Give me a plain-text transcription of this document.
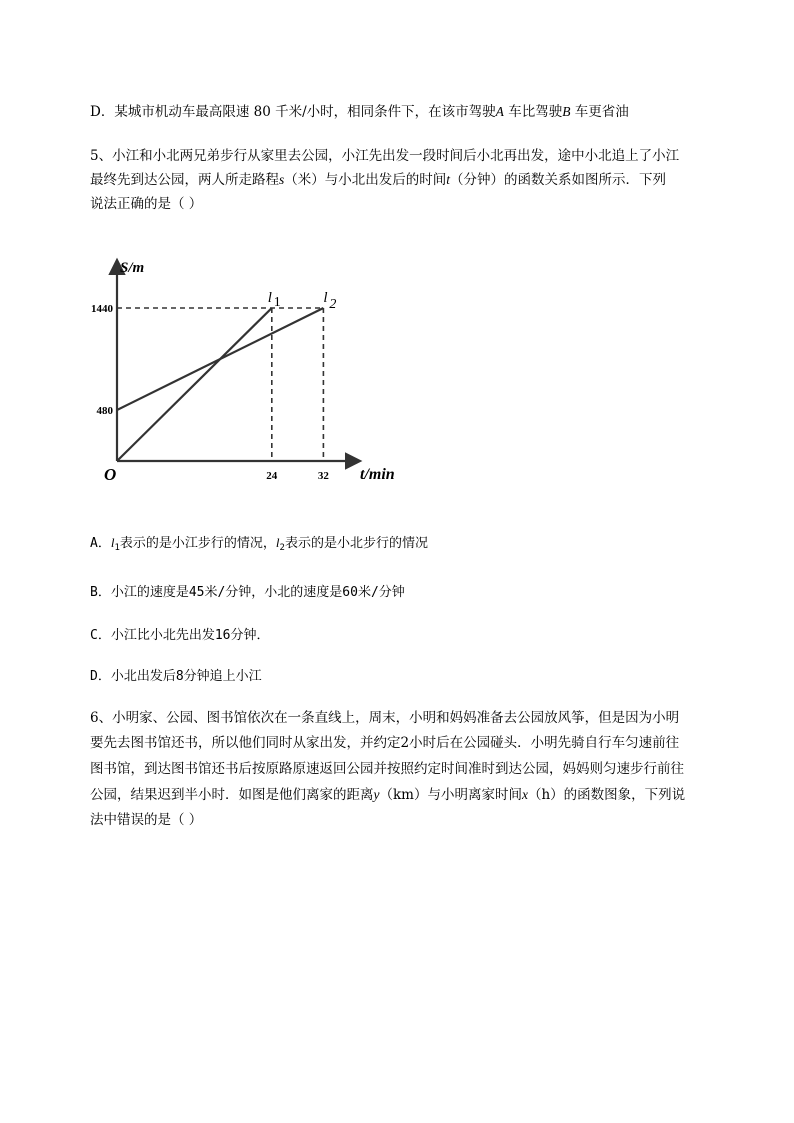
D．某城市机动车最高限速 80 千米/小时，相同条件下，在该市驾驶A 车比驾驶B 车更省油
5、小江和小北两兄弟步行从家里去公园，小江先出发一段时间后小北再出发，途中小北追上了小江
最终先到达公园，两人所走路程s（米）与小北出发后的时间t（分钟）的函数关系如图所示．下列
说法正确的是（ ）
l 1	l 2
480
1440
24	32
S/m
t/min
O
A．$l_1$表示的是小江步行的情况，$l_2$表示的是小北步行的情况
B．小江的速度是45米/分钟，小北的速度是60米/分钟
C．小江比小北先出发16分钟．
D．小北出发后8分钟追上小江
6、小明家、公园、图书馆依次在一条直线上，周末，小明和妈妈准备去公园放风筝，但是因为小明
要先去图书馆还书，所以他们同时从家出发，并约定2小时后在公园碰头．小明先骑自行车匀速前往
图书馆，到达图书馆还书后按原路原速返回公园并按照约定时间准时到达公园，妈妈则匀速步行前往
公园，结果迟到半小时．如图是他们离家的距离y（km）与小明离家时间x（h）的函数图象，下列说
法中错误的是（ ）
